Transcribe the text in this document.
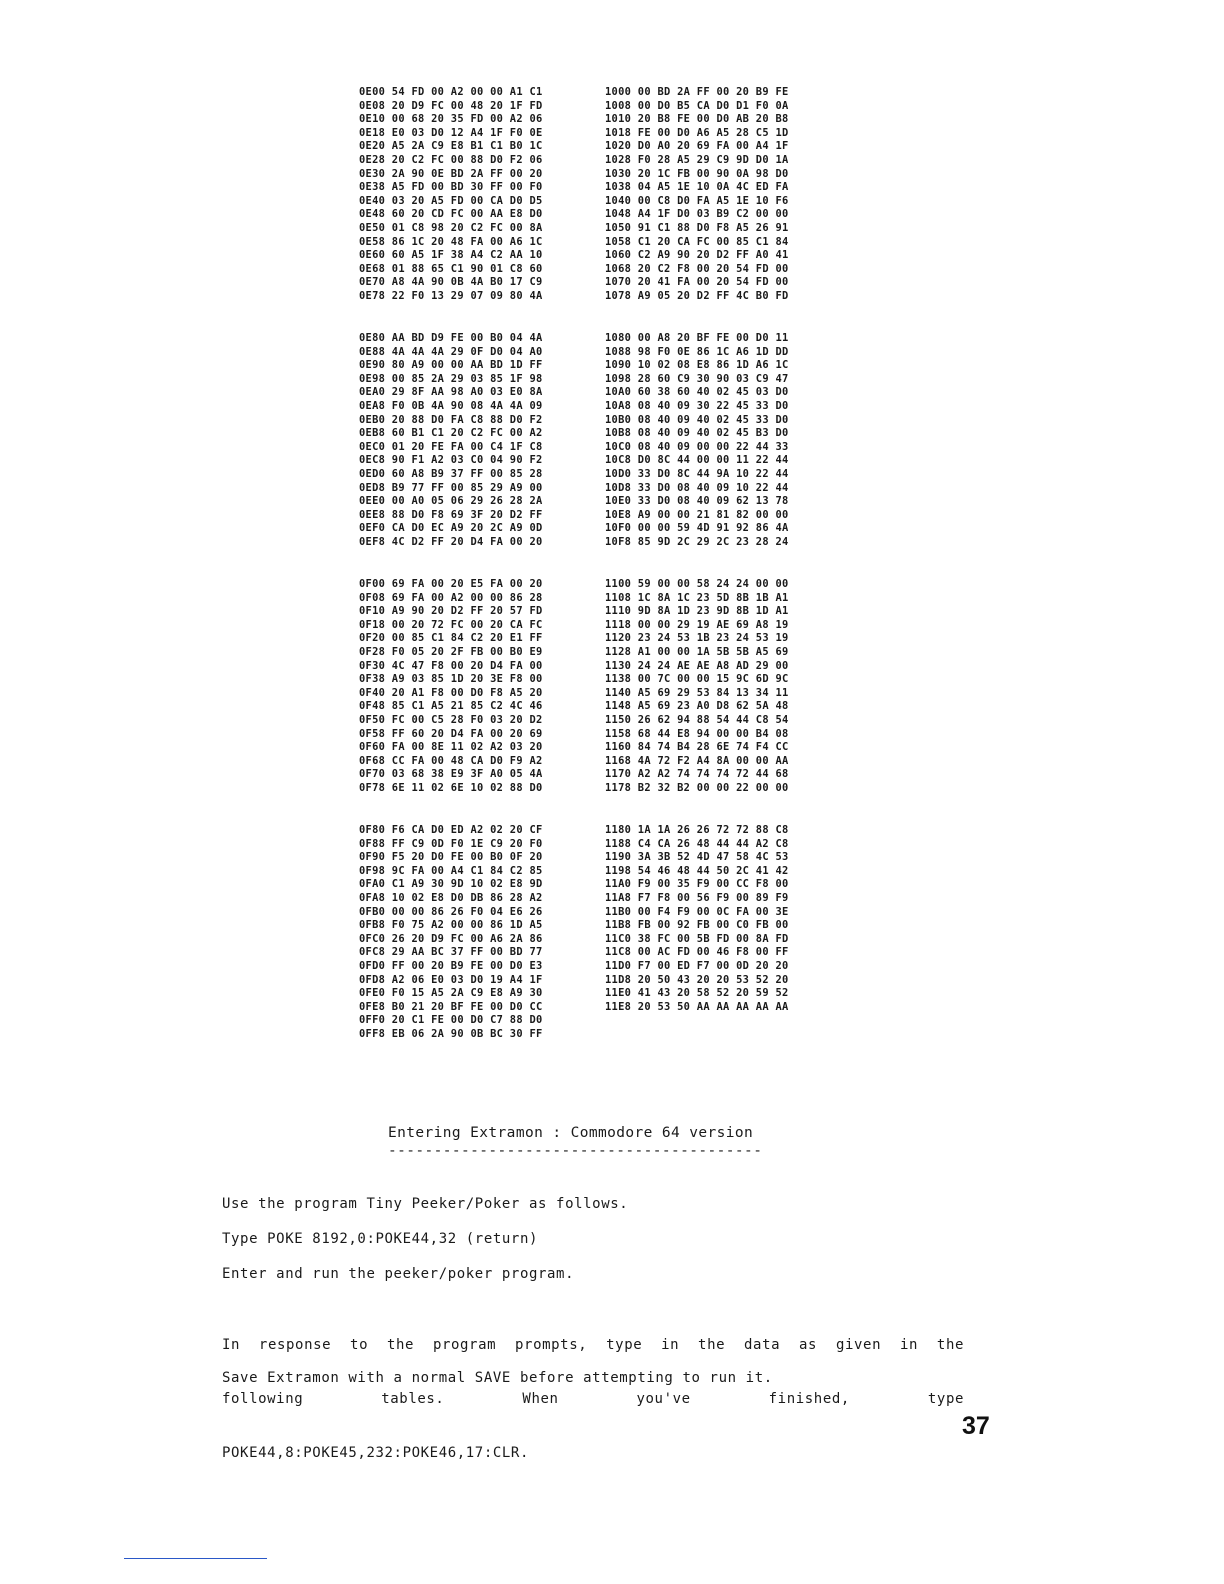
0E00 54 FD 00 A2 00 00 A1 C1
0E08 20 D9 FC 00 48 20 1F FD
0E10 00 68 20 35 FD 00 A2 06
0E18 E0 03 D0 12 A4 1F F0 0E
0E20 A5 2A C9 E8 B1 C1 B0 1C
0E28 20 C2 FC 00 88 D0 F2 06
0E30 2A 90 0E BD 2A FF 00 20
0E38 A5 FD 00 BD 30 FF 00 F0
0E40 03 20 A5 FD 00 CA D0 D5
0E48 60 20 CD FC 00 AA E8 D0
0E50 01 C8 98 20 C2 FC 00 8A
0E58 86 1C 20 48 FA 00 A6 1C
0E60 60 A5 1F 38 A4 C2 AA 10
0E68 01 88 65 C1 90 01 C8 60
0E70 A8 4A 90 0B 4A B0 17 C9
0E78 22 F0 13 29 07 09 80 4A
1000 00 BD 2A FF 00 20 B9 FE
1008 00 D0 B5 CA D0 D1 F0 0A
1010 20 B8 FE 00 D0 AB 20 B8
1018 FE 00 D0 A6 A5 28 C5 1D
1020 D0 A0 20 69 FA 00 A4 1F
1028 F0 28 A5 29 C9 9D D0 1A
1030 20 1C FB 00 90 0A 98 D0
1038 04 A5 1E 10 0A 4C ED FA
1040 00 C8 D0 FA A5 1E 10 F6
1048 A4 1F D0 03 B9 C2 00 00
1050 91 C1 88 D0 F8 A5 26 91
1058 C1 20 CA FC 00 85 C1 84
1060 C2 A9 90 20 D2 FF A0 41
1068 20 C2 F8 00 20 54 FD 00
1070 20 41 FA 00 20 54 FD 00
1078 A9 05 20 D2 FF 4C B0 FD
0E80 AA BD D9 FE 00 B0 04 4A
0E88 4A 4A 4A 29 0F D0 04 A0
0E90 80 A9 00 00 AA BD 1D FF
0E98 00 85 2A 29 03 85 1F 98
0EA0 29 8F AA 98 A0 03 E0 8A
0EA8 F0 0B 4A 90 08 4A 4A 09
0EB0 20 88 D0 FA C8 88 D0 F2
0EB8 60 B1 C1 20 C2 FC 00 A2
0EC0 01 20 FE FA 00 C4 1F C8
0EC8 90 F1 A2 03 C0 04 90 F2
0ED0 60 A8 B9 37 FF 00 85 28
0ED8 B9 77 FF 00 85 29 A9 00
0EE0 00 A0 05 06 29 26 28 2A
0EE8 88 D0 F8 69 3F 20 D2 FF
0EF0 CA D0 EC A9 20 2C A9 0D
0EF8 4C D2 FF 20 D4 FA 00 20
1080 00 A8 20 BF FE 00 D0 11
1088 98 F0 0E 86 1C A6 1D DD
1090 10 02 08 E8 86 1D A6 1C
1098 28 60 C9 30 90 03 C9 47
10A0 60 38 60 40 02 45 03 D0
10A8 08 40 09 30 22 45 33 D0
10B0 08 40 09 40 02 45 33 D0
10B8 08 40 09 40 02 45 B3 D0
10C0 08 40 09 00 00 22 44 33
10C8 D0 8C 44 00 00 11 22 44
10D0 33 D0 8C 44 9A 10 22 44
10D8 33 D0 08 40 09 10 22 44
10E0 33 D0 08 40 09 62 13 78
10E8 A9 00 00 21 81 82 00 00
10F0 00 00 59 4D 91 92 86 4A
10F8 85 9D 2C 29 2C 23 28 24
0F00 69 FA 00 20 E5 FA 00 20
0F08 69 FA 00 A2 00 00 86 28
0F10 A9 90 20 D2 FF 20 57 FD
0F18 00 20 72 FC 00 20 CA FC
0F20 00 85 C1 84 C2 20 E1 FF
0F28 F0 05 20 2F FB 00 B0 E9
0F30 4C 47 F8 00 20 D4 FA 00
0F38 A9 03 85 1D 20 3E F8 00
0F40 20 A1 F8 00 D0 F8 A5 20
0F48 85 C1 A5 21 85 C2 4C 46
0F50 FC 00 C5 28 F0 03 20 D2
0F58 FF 60 20 D4 FA 00 20 69
0F60 FA 00 8E 11 02 A2 03 20
0F68 CC FA 00 48 CA D0 F9 A2
0F70 03 68 38 E9 3F A0 05 4A
0F78 6E 11 02 6E 10 02 88 D0
1100 59 00 00 58 24 24 00 00
1108 1C 8A 1C 23 5D 8B 1B A1
1110 9D 8A 1D 23 9D 8B 1D A1
1118 00 00 29 19 AE 69 A8 19
1120 23 24 53 1B 23 24 53 19
1128 A1 00 00 1A 5B 5B A5 69
1130 24 24 AE AE A8 AD 29 00
1138 00 7C 00 00 15 9C 6D 9C
1140 A5 69 29 53 84 13 34 11
1148 A5 69 23 A0 D8 62 5A 48
1150 26 62 94 88 54 44 C8 54
1158 68 44 E8 94 00 00 B4 08
1160 84 74 B4 28 6E 74 F4 CC
1168 4A 72 F2 A4 8A 00 00 AA
1170 A2 A2 74 74 74 72 44 68
1178 B2 32 B2 00 00 22 00 00
0F80 F6 CA D0 ED A2 02 20 CF
0F88 FF C9 0D F0 1E C9 20 F0
0F90 F5 20 D0 FE 00 B0 0F 20
0F98 9C FA 00 A4 C1 84 C2 85
0FA0 C1 A9 30 9D 10 02 E8 9D
0FA8 10 02 E8 D0 DB 86 28 A2
0FB0 00 00 86 26 F0 04 E6 26
0FB8 F0 75 A2 00 00 86 1D A5
0FC0 26 20 D9 FC 00 A6 2A 86
0FC8 29 AA BC 37 FF 00 BD 77
0FD0 FF 00 20 B9 FE 00 D0 E3
0FD8 A2 06 E0 03 D0 19 A4 1F
0FE0 F0 15 A5 2A C9 E8 A9 30
0FE8 B0 21 20 BF FE 00 D0 CC
0FF0 20 C1 FE 00 D0 C7 88 D0
0FF8 EB 06 2A 90 0B BC 30 FF
1180 1A 1A 26 26 72 72 88 C8
1188 C4 CA 26 48 44 44 A2 C8
1190 3A 3B 52 4D 47 58 4C 53
1198 54 46 48 44 50 2C 41 42
11A0 F9 00 35 F9 00 CC F8 00
11A8 F7 F8 00 56 F9 00 89 F9
11B0 00 F4 F9 00 0C FA 00 3E
11B8 FB 00 92 FB 00 C0 FB 00
11C0 38 FC 00 5B FD 00 8A FD
11C8 00 AC FD 00 46 F8 00 FF
11D0 F7 00 ED F7 00 0D 20 20
11D8 20 50 43 20 20 53 52 20
11E0 41 43 20 58 52 20 59 52
11E8 20 53 50 AA AA AA AA AA
Entering Extramon : Commodore 64 version
-----------------------------------------
Use the program Tiny Peeker/Poker as follows.
Type POKE 8192,0:POKE44,32 (return)
Enter and run the peeker/poker program.

In response to the program prompts, type in the data as given in the

following tables. When you've finished, type

POKE44,8:POKE45,232:POKE46,17:CLR.

Save Extramon with a normal SAVE before attempting to run it.
37
